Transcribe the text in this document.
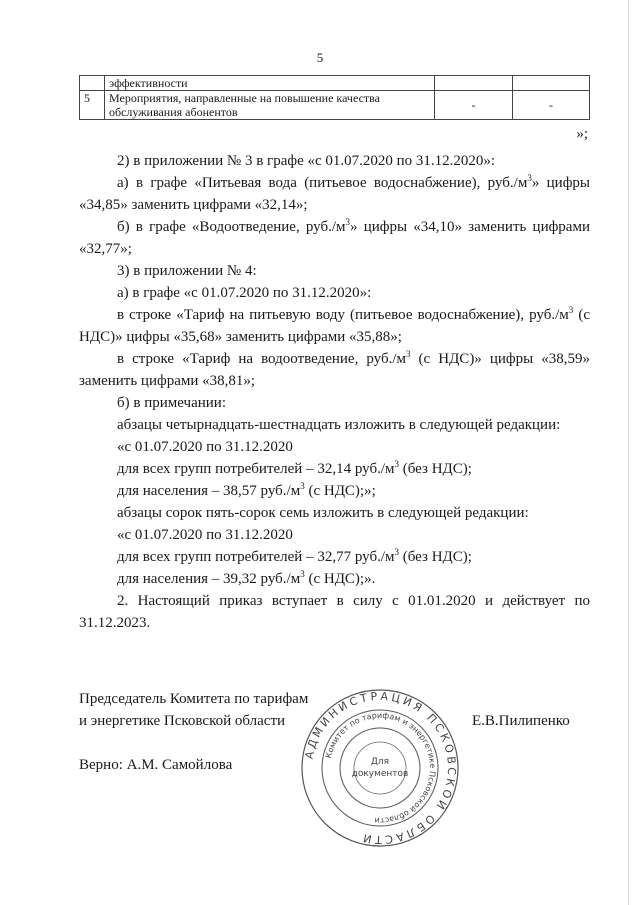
5
	эффективности		
5	Мероприятия, направленные на повышение качества обслуживания абонентов	-	-
»;

2) в приложении № 3 в графе «с 01.07.2020 по 31.12.2020»:

а) в графе «Питьевая вода (питьевое водоснабжение), $руб./м^3$» цифры «34,85» заменить цифрами «32,14»;

б) в графе «Водоотведение, $руб./м^3$» цифры «34,10» заменить цифрами «32,77»;

3) в приложении № 4:

а) в графе «с 01.07.2020 по 31.12.2020»:

в строке «Тариф на питьевую воду (питьевое водоснабжение), $руб./м^3$ (с НДС)» цифры «35,68» заменить цифрами «35,88»;

в строке «Тариф на водоотведение, $руб./м^3$ (с НДС)» цифры «38,59» заменить цифрами «38,81»;

б) в примечании:

абзацы четырнадцать-шестнадцать изложить в следующей редакции:

«с 01.07.2020 по 31.12.2020

для всех групп потребителей – 32,14 $руб./м^3$ (без НДС);

для населения – 38,57 $руб./м^3$ (с НДС);»;

абзацы сорок пять-сорок семь изложить в следующей редакции:

«с 01.07.2020 по 31.12.2020

для всех групп потребителей – 32,77 $руб./м^3$ (без НДС);

для населения – 39,32 $руб./м^3$ (с НДС);».

2. Настоящий приказ вступает в силу с 01.01.2020 и действует по 31.12.2023.

Председатель Комитета по тарифам
и энергетике Псковской области	Е.В.Пилипенко
Верно: А.М. Самойлова
АДМИНИСТРАЦИЯ ПСКОВСКОЙ ОБЛАСТИ
Комитет по тарифам и энергетике Псковской области
Для
документов
